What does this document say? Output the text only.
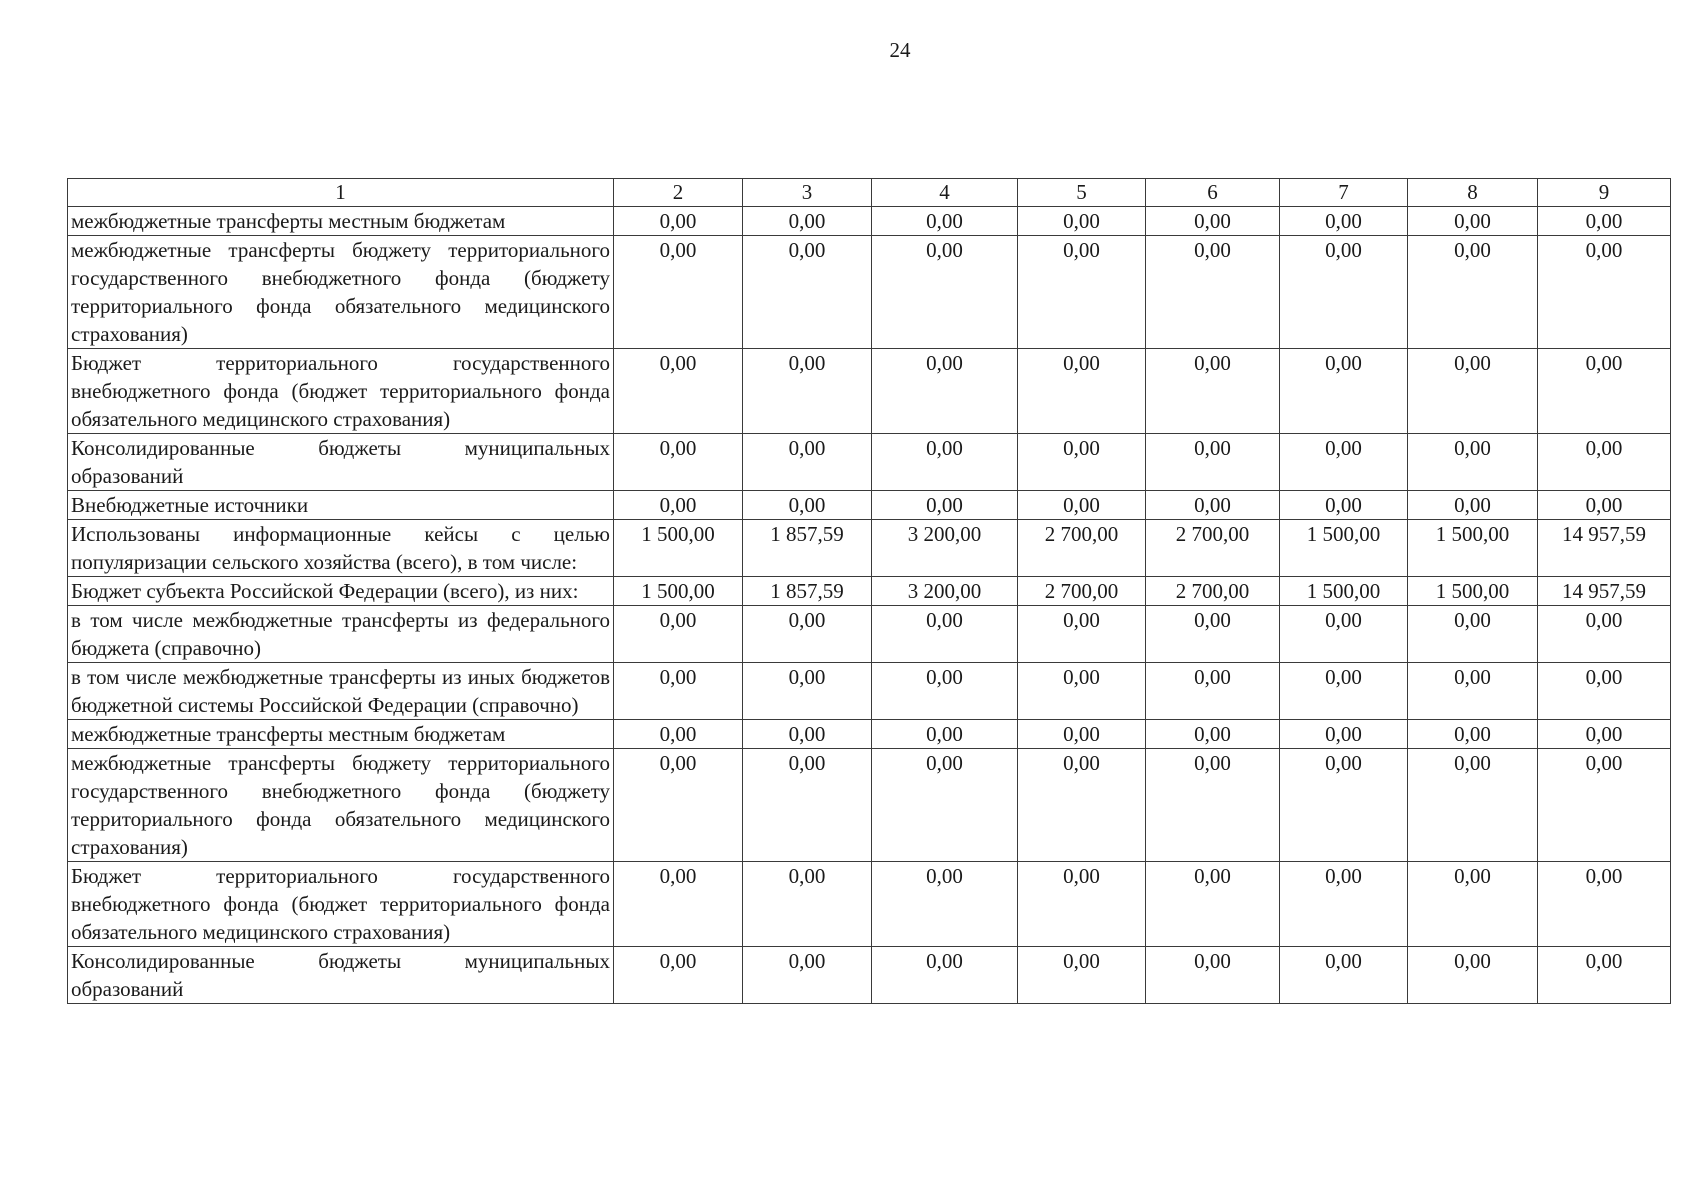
24
1	2	3	4	5	6	7	8	9
межбюджетные трансферты местным бюджетам	0,00	0,00	0,00	0,00	0,00	0,00	0,00	0,00
межбюджетные трансферты бюджету территориального государственного внебюджетного фонда (бюджету территориального фонда обязательного медицинского страхования)	0,00	0,00	0,00	0,00	0,00	0,00	0,00	0,00
Бюджет территориального государственного внебюджетного фонда (бюджет территориального фонда обязательного медицинского страхования)	0,00	0,00	0,00	0,00	0,00	0,00	0,00	0,00
Консолидированные бюджеты муниципальных образований	0,00	0,00	0,00	0,00	0,00	0,00	0,00	0,00
Внебюджетные источники	0,00	0,00	0,00	0,00	0,00	0,00	0,00	0,00
Использованы информационные кейсы с целью популяризации сельского хозяйства (всего), в том числе:	1 500,00	1 857,59	3 200,00	2 700,00	2 700,00	1 500,00	1 500,00	14 957,59
Бюджет субъекта Российской Федерации (всего), из них:	1 500,00	1 857,59	3 200,00	2 700,00	2 700,00	1 500,00	1 500,00	14 957,59
в том числе межбюджетные трансферты из федерального бюджета (справочно)	0,00	0,00	0,00	0,00	0,00	0,00	0,00	0,00
в том числе межбюджетные трансферты из иных бюджетов бюджетной системы Российской Федерации (справочно)	0,00	0,00	0,00	0,00	0,00	0,00	0,00	0,00
межбюджетные трансферты местным бюджетам	0,00	0,00	0,00	0,00	0,00	0,00	0,00	0,00
межбюджетные трансферты бюджету территориального государственного внебюджетного фонда (бюджету территориального фонда обязательного медицинского страхования)	0,00	0,00	0,00	0,00	0,00	0,00	0,00	0,00
Бюджет территориального государственного внебюджетного фонда (бюджет территориального фонда обязательного медицинского страхования)	0,00	0,00	0,00	0,00	0,00	0,00	0,00	0,00
Консолидированные бюджеты муниципальных образований	0,00	0,00	0,00	0,00	0,00	0,00	0,00	0,00
